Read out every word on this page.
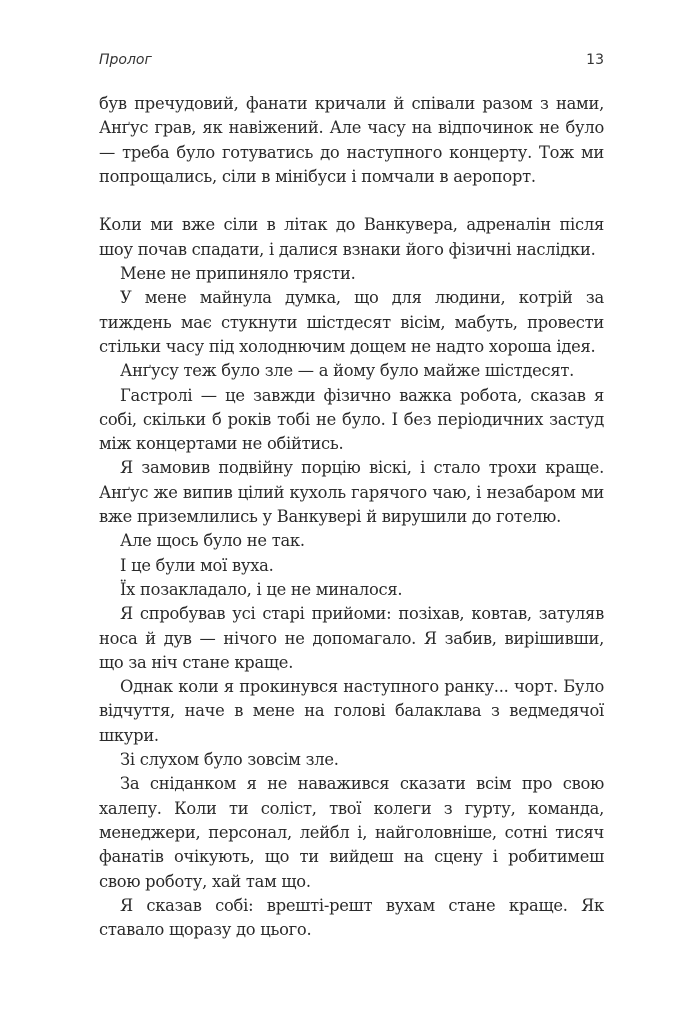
Пролог	13

був пречудовий, фанати кричали й співали разом з нами, Анґус грав, як навіжений. Але часу на відпочинок не було — треба було готуватись до наступного концерту. Тож ми попрощались, сіли в мінібуси і помчали в аеропорт.

Коли ми вже сіли в літак до Ванкувера, адреналін після шоу почав спадати, і далися взнаки його фізичні наслідки.

Мене не припиняло трясти.

У мене майнула думка, що для людини, котрій за тиждень має стукнути шістдесят вісім, мабуть, провести стільки часу під холоднючим дощем не надто хороша ідея.

Анґусу теж було зле — а йому було майже шістдесят.

Гастролі — це завжди фізично важка робота, сказав я собі, скільки б років тобі не було. І без періодичних застуд між концертами не обійтись.

Я замовив подвійну порцію віскі, і стало трохи краще. Анґус же випив цілий кухоль гарячого чаю, і незабаром ми вже приземлились у Ванкувері й вирушили до готелю.

Але щось було не так.

І це були мої вуха.

Їх позакладало, і це не миналося.

Я спробував усі старі прийоми: позіхав, ковтав, затуляв носа й дув — нічого не допомагало. Я забив, вирішивши, що за ніч стане краще.

Однак коли я прокинувся наступного ранку... чорт. Було відчуття, наче в мене на голові балаклава з ведмедячої шкури.

Зі слухом було зовсім зле.

За сніданком я не наважився сказати всім про свою халепу. Коли ти соліст, твої колеги з гурту, команда, менеджери, персонал, лейбл і, найголовніше, сотні тисяч фанатів очікують, що ти вийдеш на сцену і робитимеш свою роботу, хай там що.

Я сказав собі: врешті-решт вухам стане краще. Як ставало щоразу до цього.
